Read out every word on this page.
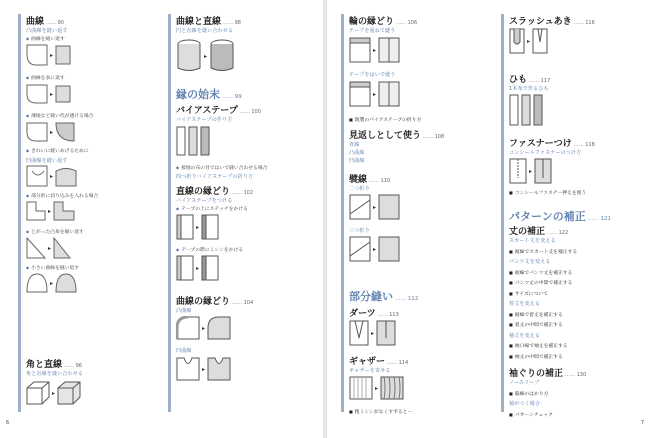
曲線 …… 90
凸曲線を縫い返す
◆ 曲線を縫い返す
▸
◆ 曲線を表に返す
▸
◆ 薄地など縫い代が透ける場合
▸
◆ きれいに縫いあげるために
凹曲線を縫い返す
▸
◆ 部分的に切り込みを入れる場合
▸
◆ とがった凸角を縫い返す
▸
◆ 小さい曲線を縫い返す
▸
角と直線 …… 96
角と直線を縫い合わせる
▸
曲線と直線 …… 98
円と直線を縫い合わせる
▸
縁の始末 …… 99
バイアステープ …… 100
バイアステープの作り方
◆ 接地の布の目ではいで縫い合わせる場合
四つ折りバイアステープの折り方
直線の縁どり …… 102
バイアステープをつける
◆ テープの上にステッチをかける
▸
◆ テープの際にミシンをかける
▸
曲線の縁どり …… 104
凸曲線
▸
凹曲線
▸
6
輪の縁どり …… 106
テープを重ねて縫う
▸
テープをはいで縫う
▸
■ 既製のバイアステープの折り方
見返しとして使う …… 108
直線
凸曲線
凹曲線
襞線 …… 110
二つ折り
▸
三つ折り
▸
部分縫い …… 112
ダーツ …… 113
▸
ギャザー …… 114
ギャザーを寄せる
▸
■ 粗ミシンがなくすずるとー
スラッシュあき …… 116
▸
ひも …… 117
1本布で作るひも
ファスナーつけ …… 118
コンシールファスナーのつけ方
▸
■ コンシールファスナー押えを使う
パターンの補正 …… 121
丈の補正 …… 122
スカート丈を変える
■ 裾線でスカート丈を補正する
パンツ丈を変える
■ 裾線でパンツ丈を補正する
■ パンツ丈の中間で補正する
■ サイズについて
着丈を変える
■ 裾線で着丈を補正する
■ 着丈の中間で補正する
袖丈を変える
■ 袖口線で袖丈を補正する
■ 袖丈の中間で補正する
袖ぐりの補正 …… 130
ノースリーブ
■ 脇線のはかり方
袖がつく場合
■ パターンチェック
7
